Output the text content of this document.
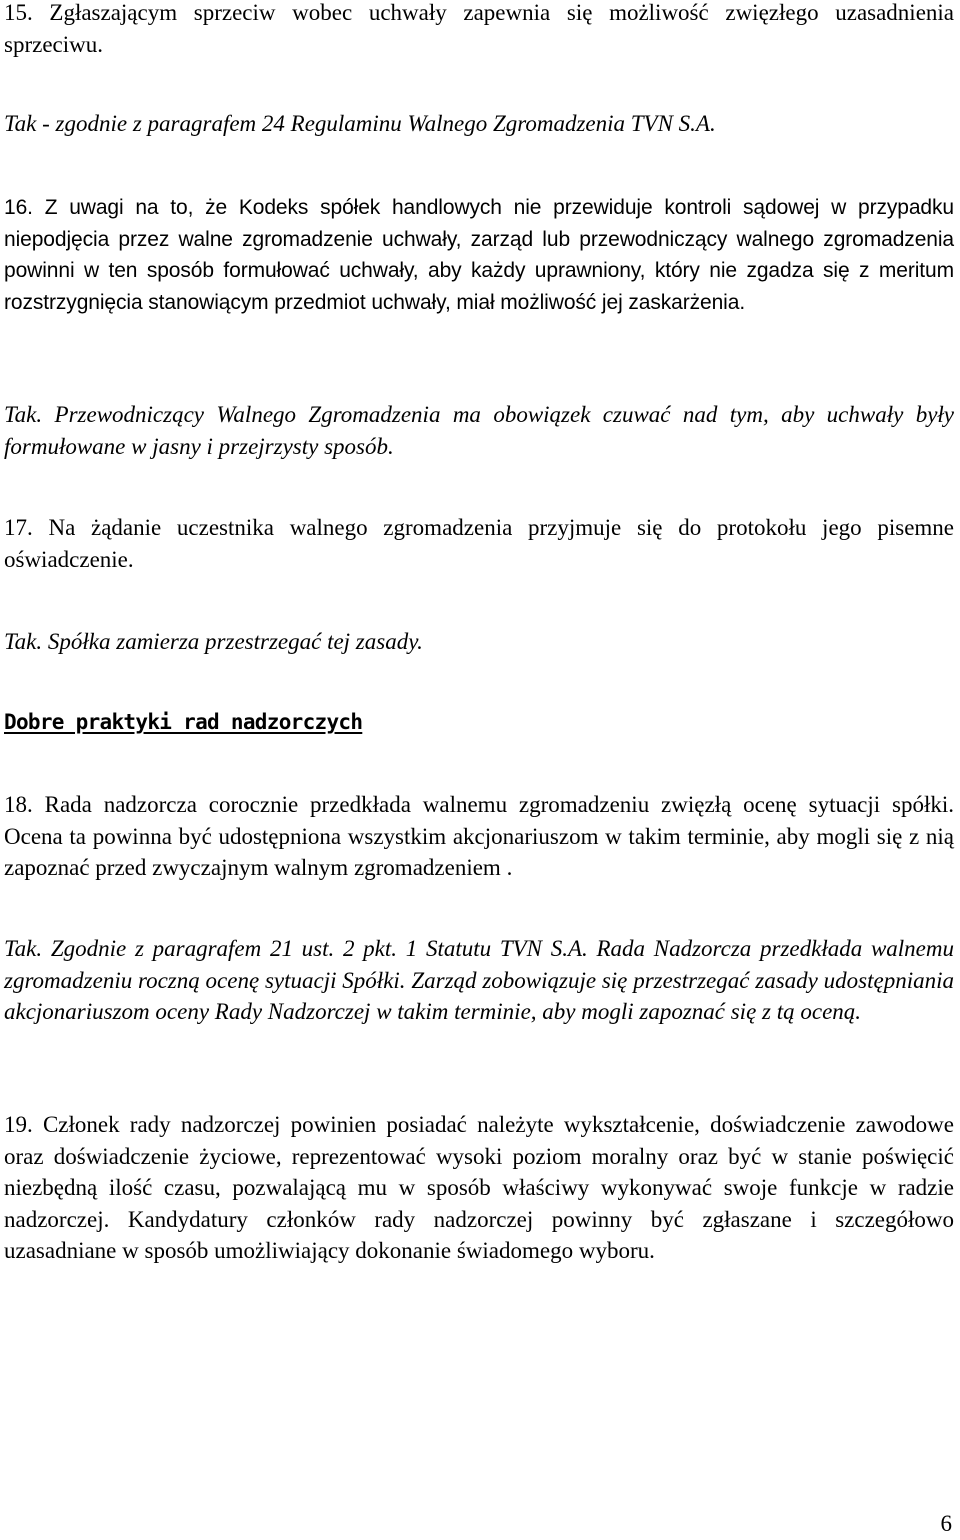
15. Zgłaszającym sprzeciw wobec uchwały zapewnia się możliwość zwięzłego uzasadnienia sprzeciwu.

Tak - zgodnie z paragrafem 24 Regulaminu Walnego Zgromadzenia TVN S.A.

16. Z uwagi na to, że Kodeks spółek handlowych nie przewiduje kontroli sądowej w przypadku niepodjęcia przez walne zgromadzenie uchwały, zarząd lub przewodniczący walnego zgromadzenia powinni w ten sposób formułować uchwały, aby każdy uprawniony, który nie zgadza się z meritum rozstrzygnięcia stanowiącym przedmiot uchwały, miał możliwość jej zaskarżenia.

Tak. Przewodniczący Walnego Zgromadzenia ma obowiązek czuwać nad tym, aby uchwały były formułowane w jasny i przejrzysty sposób.

17. Na żądanie uczestnika walnego zgromadzenia przyjmuje się do protokołu jego pisemne oświadczenie.

Tak. Spółka zamierza przestrzegać tej zasady.

Dobre praktyki rad nadzorczych

18. Rada nadzorcza corocznie przedkłada walnemu zgromadzeniu zwięzłą ocenę sytuacji spółki. Ocena ta powinna być udostępniona wszystkim akcjonariuszom w takim terminie, aby mogli się z nią zapoznać przed zwyczajnym walnym zgromadzeniem .

Tak. Zgodnie z paragrafem 21 ust. 2 pkt. 1 Statutu TVN S.A. Rada Nadzorcza przedkłada walnemu zgromadzeniu roczną ocenę sytuacji Spółki. Zarząd zobowiązuje się przestrzegać zasady udostępniania akcjonariuszom oceny Rady Nadzorczej w takim terminie, aby mogli zapoznać się z tą oceną.

19. Członek rady nadzorczej powinien posiadać należyte wykształcenie, doświadczenie zawodowe oraz doświadczenie życiowe, reprezentować wysoki poziom moralny oraz być w stanie poświęcić niezbędną ilość czasu, pozwalającą mu w sposób właściwy wykonywać swoje funkcje w radzie nadzorczej. Kandydatury członków rady nadzorczej powinny być zgłaszane i szczegółowo uzasadniane w sposób umożliwiający dokonanie świadomego wyboru.

6
